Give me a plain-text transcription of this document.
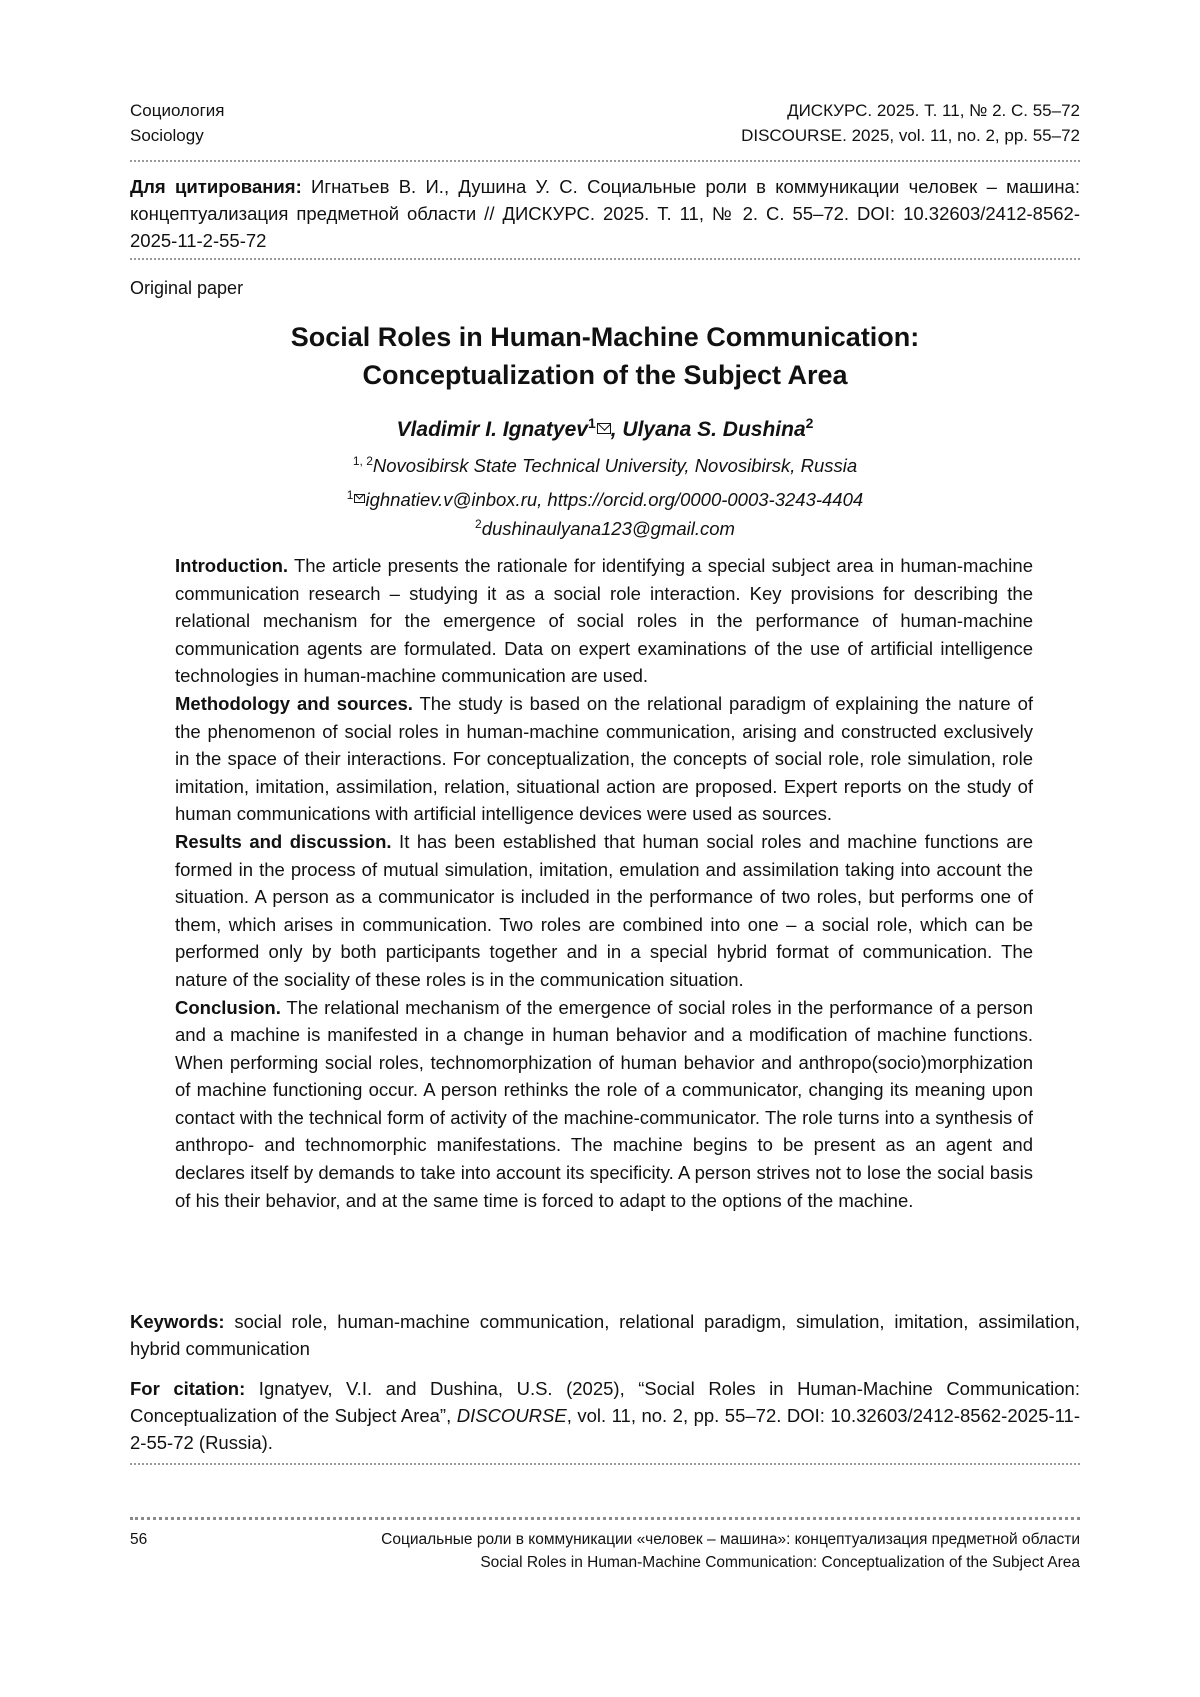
Социология
Sociology
ДИСКУРС. 2025. Т. 11, № 2. С. 55–72
DISCOURSE. 2025, vol. 11, no. 2, pp. 55–72
Для цитирования: Игнатьев В. И., Душина У. С. Социальные роли в коммуникации человек – машина: концептуализация предметной области // ДИСКУРС. 2025. Т. 11, № 2. С. 55–72. DOI: 10.32603/2412-8562-2025-11-2-55-72
Original paper
Social Roles in Human-Machine Communication:
Conceptualization of the Subject Area
Vladimir I. Ignatyev1 , Ulyana S. Dushina2
1, 2Novosibirsk State Technical University, Novosibirsk, Russia
1 ighnatiev.v@inbox.ru, https://orcid.org/0000-0003-3243-4404
2dushinaulyana123@gmail.com

Introduction. The article presents the rationale for identifying a special subject area in human-machine communication research – studying it as a social role interaction. Key provisions for describing the relational mechanism for the emergence of social roles in the performance of human-machine communication agents are formulated. Data on expert examinations of the use of artificial intelligence technologies in human-machine communication are used.

Methodology and sources. The study is based on the relational paradigm of explaining the nature of the phenomenon of social roles in human-machine communication, arising and constructed exclusively in the space of their interactions. For conceptualization, the concepts of social role, role simulation, role imitation, imitation, assimilation, relation, situational action are proposed. Expert reports on the study of human communications with artificial intelligence devices were used as sources.

Results and discussion. It has been established that human social roles and machine functions are formed in the process of mutual simulation, imitation, emulation and assimilation taking into account the situation. A person as a communicator is included in the performance of two roles, but performs one of them, which arises in communication. Two roles are combined into one – a social role, which can be performed only by both participants together and in a special hybrid format of communication. The nature of the sociality of these roles is in the communication situation.

Conclusion. The relational mechanism of the emergence of social roles in the performance of a person and a machine is manifested in a change in human behavior and a modification of machine functions. When performing social roles, technomorphization of human behavior and anthropo(socio)morphization of machine functioning occur. A person rethinks the role of a communicator, changing its meaning upon contact with the technical form of activity of the machine-communicator. The role turns into a synthesis of anthropo- and technomorphic manifestations. The machine begins to be present as an agent and declares itself by demands to take into account its specificity. A person strives not to lose the social basis of his their behavior, and at the same time is forced to adapt to the options of the machine.

Keywords: social role, human-machine communication, relational paradigm, simulation, imitation, assimilation, hybrid communication
For citation: Ignatyev, V.I. and Dushina, U.S. (2025), “Social Roles in Human-Machine Communication: Conceptualization of the Subject Area”, DISCOURSE, vol. 11, no. 2, pp. 55–72. DOI: 10.32603/2412-8562-2025-11-2-55-72 (Russia).
56	Социальные роли в коммуникации «человек – машина»: концептуализация предметной области
Social Roles in Human-Machine Communication: Conceptualization of the Subject Area
